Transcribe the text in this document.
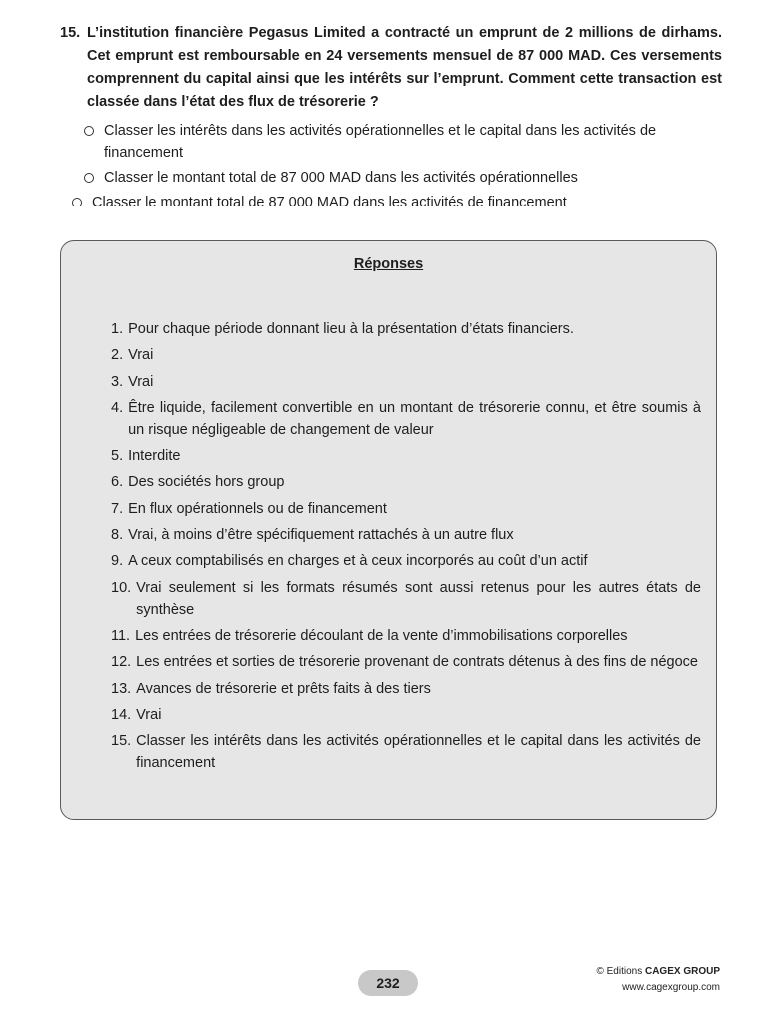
15. L’institution financière Pegasus Limited a contracté un emprunt de 2 millions de dirhams. Cet emprunt est remboursable en 24 versements mensuel de 87 000 MAD. Ces versements comprennent du capital ainsi que les intérêts sur l’emprunt. Comment cette transaction est classée dans l’état des flux de trésorerie ?
Classer les intérêts dans les activités opérationnelles et le capital dans les activités de financement
Classer le montant total de 87 000 MAD dans les activités opérationnelles
Classer le montant total de 87 000 MAD dans les activités de financement
Réponses
1. Pour chaque période donnant lieu à la présentation d’états financiers.
2. Vrai
3. Vrai
4. Être liquide, facilement convertible en un montant de trésorerie connu, et être soumis à un risque négligeable de changement de valeur
5. Interdite
6. Des sociétés hors group
7. En flux opérationnels ou de financement
8. Vrai, à moins d’être spécifiquement rattachés à un autre flux
9. A ceux comptabilisés en charges et à ceux incorporés au coût d’un actif
10. Vrai seulement si les formats résumés sont aussi retenus pour les autres états de synthèse
11. Les entrées de trésorerie découlant de la vente d’immobilisations corporelles
12. Les entrées et sorties de trésorerie provenant de contrats détenus à des fins de négoce
13. Avances de trésorerie et prêts faits à des tiers
14. Vrai
15. Classer les intérêts dans les activités opérationnelles et le capital dans les activités de financement
232
© Editions CAGEX GROUP
www.cagexgroup.com
